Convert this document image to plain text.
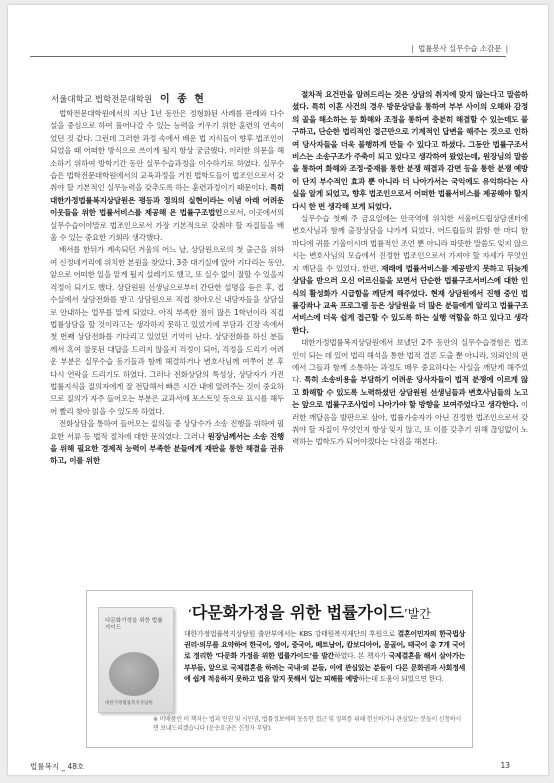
| 법률봉사 실무수습 소감문 |
서울대학교 법학전문대학원 이 종 현

법학전문대학원에서의 지난 1년 동안은 정형화된 사례를 판례와 다수설을 중심으로 하여 풀어나갈 수 있는 능력을 키우기 위한 훈련의 연속이었던 것 같다. 그런데 그러한 과정 속에서 배운 법 지식들이 향후 법조인이 되었을 때 어떠한 방식으로 쓰이게 될지 항상 궁금했다. 이러한 의문을 해소하기 위하여 방학기간 동안 실무수습과정을 이수하기로 하였다. 실무수습은 법학전문대학원에서의 교육과정을 거친 법학도들이 법조인으로서 갖춰야 할 기본적인 실무능력을 갖추도록 하는 훈련과정이기 때문이다. 특히 대한가정법률복지상담원은 평등과 정의의 실현이라는 이념 아래 어려운 이웃들을 위한 법률서비스를 제공해 온 법률구조법인으로서, 이곳에서의 실무수습이야말로 법조인으로서 가장 기본적으로 갖춰야 할 자질들을 배울 수 있는 중요한 기회라 생각했다.

배서를 한뒤가 계속되던 겨울의 어느 날, 상담원으로의 첫 출근을 위하여 신정네거리에 위치한 본원을 찾았다. 3층 대기실에 앉아 기다리는 동안, 앞으로 어떠한 일을 맡게 될지 설레기도 했고, 또 실수 없이 잘할 수 있을지 걱정이 되기도 했다. 상담원원 선생님으로부터 간단한 설명을 듣은 후, 접수실에서 상담전화를 받고 상담원으로 직접 찾아오신 내담자들을 상담실로 안내하는 업무를 맡게 되었다. 아직 부족한 점이 많은 1학년이라 직접 법률상담을 할 것이라고는 생각하지 못하고 있었기에 부담과 긴장 속에서 첫 번째 상담전화를 기다리고 있었던 기억이 난다. 상담전화를 하신 분들께서 혹여 잘못된 대답을 드리지 않을지 걱정이 되어, 걱정을 드리기 어려운 부분은 실무수습 동기들과 함께 해결하거나 변호사님께 여쭈어 본 후 다시 연락을 드리기도 하였다. 그러나 전화상담의 특성상, 상담자가 가진 법률지식을 질의자에게 잘 전달해서 빠른 시간 내에 알려주는 것이 중요하므로 질의가 자주 들어오는 부분은 교과서에 포스트잇 등으로 표시를 해두어 빨리 찾아 읽을 수 있도록 하였다.

전화상담을 통하여 들어오는 질의들 중 상당수가 소송 진행을 위하여 필요한 서류 등 법적 절차에 대한 문의였다. 그러나 원장님께서는 소송 진행을 위해 필요한 경제적 능력이 부족한 분들에게 재판을 통한 해결을 권유하고, 이를 위한

절차적 요건만을 알려드리는 것은 상담의 취지에 맞지 않는다고 말씀하셨다. 특히 이혼 사건의 경우 방문상담을 통하여 부부 사이의 오해와 감정의 골을 해소하는 등 화해와 조정을 통하여 충분히 해결할 수 있는데도 불구하고, 단순한 법리적인 접근만으로 기계적인 답변을 해주는 것으로 인하여 당사자들을 더욱 불행하게 만들 수 있다고 하셨다. 그동안 법률구조서비스는 소송구조가 주축이 되고 있다고 생각하여 왔었는데, 원장님의 말씀을 통하여 화해와 조정·중재를 통한 분쟁 해결과 감면 등을 통한 분쟁 예방이 단지 부수적인 효과 뿐 아니라 더 나아가서는 국익에도 유익하다는 사실을 알게 되었고, 향후 법조인으로서 어떠한 법률서비스를 제공해야 할지 다시 한 번 생각해 보게 되었다.

실무수습 첫째 주 금요일에는 안국역에 위치한 서울어드립상담센터에 변호사님과 함께 출장상담을 나가게 되었다. 어드립들의 맑함 한 마디 한 마디에 귀를 기울이시며 법률적인 조언 뿐 아니라 따뜻한 말씀도 잊지 않으시는 변호사님의 모습에서 진정한 법조인으로서 가져야 할 자세가 무엇인지 깨닫을 수 있었다. 한편, 재래에 법률서비스를 제공받지 못하고 뒤늦게 상담을 받으러 오신 어르신들을 보면서 단순한 법률구조서비스에 대한 인식의 활성화가 시급함을 깨닫게 해주었다. 현재 상담원에서 진행 중인 법률강좌나 교육 프로그램 등은 상담원을 더 많은 분들에게 알리고 법률구조서비스에 더욱 쉽게 접근할 수 있도록 하는 실행 역할을 하고 있다고 생각한다.

대한가정법률복지상담원에서 보냈던 2주 동안의 실무수습경험은 법조인이 되는 데 있어 법리 해석을 통한 법적 결론 도출 뿐 아니라, 의뢰인의 편에서 그들과 함께 소통하는 과정도 매우 중요하다는 사실을 깨닫게 해주었다. 특히 소송비용을 부담하기 어려운 당사자들이 법적 분쟁에 이르게 않고 화해할 수 있도록 노력하셨던 상담원원 선생님들과 변호사님들의 노고는 앞으로 법률구조사업이 나아가야 할 방향을 보여주었다고 생각한다. 이러한 깨달음을 발판으로 삼아, 법률가숭자가 아닌 진정한 법조인으로서 갖춰야 할 자질이 무엇인지 항상 잊지 않고, 또 이를 갖추기 위해 끊임없이 노력하는 법학도가 되어야겠다는 다짐을 해본다.

다문화가정을 위한 법률가이드
대한가정법률복지상담원
‘다문화가정을 위한 법률가이드’발간
대한가정법률복지상담원 출판부에서는 KBS 강태원복지재단의 후원으로 결혼이민자의 한국법상 권리·의무를 요약하여 한국어, 영어, 중국어, 베트남어, 캄보디아어, 몽골어, 태국어 총 7개 국어로 정리한 ‘다문화 가정을 위한 법률가이드’를 발간하였다. 본 책자가 국제결혼을 해서 살아가는 부부들, 앞으로 국제결혼을 하려는 국내·외 분들, 이에 관심있는 분들이 다른 문화권과 사회정세에 쉽게 적응하지 못하고 법을 알지 못해서 입는 피해를 예방하는데 도움이 되었으면 한다.
※ 비매품인 이 책자는 법과 인권 및 시민권, 법률정보에의 동등한 접근 및 정의를 위해 헌신하거나 관심있는 분들이 신청하시면 보내드리겠습니다 (운송요금은 신청자 부담).
법률복지 _ 48호	13
